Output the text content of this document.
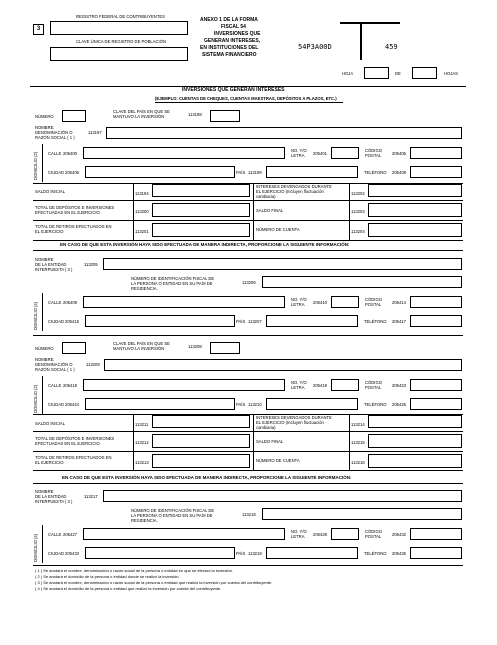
REGISTRO FEDERAL DE CONTRIBUYENTES
3
CLAVE ÚNICA DE REGISTRO DE POBLACIÓN
ANEXO 1 DE LA FORMA
FISCAL 54
INVERSIONES QUE
GENERAN INTERESES,
EN INSTITUCIONES DEL
SISTEMA FINANCIERO
54P3A00D	459
HOJA	DE	HOJAS
INVERSIONES QUE GENERAN INTERESES
(EJEMPLO: CUENTAS DE CHEQUES, CUENTAS MAESTRAS, DEPÓSITOS A PLAZOS, ETC.)
NÚMERO
CLAVE DEL PAÍS EN QUE SE
MANTUVO LA INVERSIÓN	113198
NOMBRE,
DENOMINACIÓN O
RAZÓN SOCIAL ( 1 )
113197
DOMICILIO (2) CALLE 205400
NO. Y/O
LETRA 205401
CÓDIGO
POSTAL	205405
CIUDAD 205406	PAÍS 113199	TELÉFONO 205408
SALDO INICIAL	113194
INTERESES DEVENGADOS DURANTE
EL EJERCICIO (Incluyen fluctuación
cambiaria)
113202
TOTAL DE DEPÓSITOS E INVERSIONES
EFECTUADAS EN EL EJERCICIO	113200	SALDO FINAL	113203
TOTAL DE RETIROS EFECTUADOS EN
EL EJERCICIO	113201	NÚMERO DE CUENTA	113204
EN CASO DE QUE ESTA INVERSIÓN HAYA SIDO EFECTUADA DE MANERA INDIRECTA, PROPORCIONE LA SIGUIENTE INFORMACIÓN:
NOMBRE
DE LA ENTIDAD
INTERPUESTA ( 3 )
113205
NÚMERO DE IDENTIFICACIÓN FISCAL DE
LA PERSONA O ENTIDAD EN SU PAÍS DE
RESIDENCIA.
113206
DOMICILIO (4) CALLE 205409
NO. Y/O
LETRA 205410
CÓDIGO
POSTAL	205414
CIUDAD 205415	PAÍS 113207	TELÉFONO 205417
NÚMERO
CLAVE DEL PAÍS EN QUE SE
MANTUVO LA INVERSIÓN	113208
NOMBRE,
DENOMINACIÓN O
RAZÓN SOCIAL ( 1 )
113209
DOMICILIO (2) CALLE 205418
NO. Y/O
LETRA 205419
CÓDIGO
POSTAL	205423
CIUDAD 205424	PAÍS 113210	TELÉFONO 205426
SALDO INICIAL	113211
INTERESES DEVENGADOS DURANTE
EL EJERCICIO (Incluyen fluctuación
cambiaria)
113214
TOTAL DE DEPÓSITOS E INVERSIONES
EFECTUADAS EN EL EJERCICIO	113212	SALDO FINAL	113215
TOTAL DE RETIROS EFECTUADOS EN
EL EJERCICIO	113213	NÚMERO DE CUENTA	113216
EN CASO DE QUE ESTA INVERSIÓN HAYA SIDO EFECTUADA DE MANERA INDIRECTA, PROPORCIONE LA SIGUIENTE INFORMACIÓN:
NOMBRE
DE LA ENTIDAD
INTERPUESTA ( 3 )
113217
NÚMERO DE IDENTIFICACIÓN FISCAL DE
LA PERSONA O ENTIDAD EN SU PAÍS DE
RESIDENCIA.
113218
DOMICILIO (4) CALLE 205427
NO. Y/O
LETRA 205428
CÓDIGO
POSTAL	205432
CIUDAD 205433	PAÍS 113219	TELÉFONO 205435
( 1 ) Se anotará el nombre, denominación o razón social de la persona o entidad en que se efectuó la inversión.
( 2 ) Se anotará el domicilio de la persona o entidad donde se realizó la inversión.
( 3 ) Se anotará el nombre, denominación o razón social de la persona o entidad que realizó la inversión por cuenta del contribuyente.
( 4 ) Se anotará el domicilio de la persona o entidad que realizó la inversión por cuenta del contribuyente.
